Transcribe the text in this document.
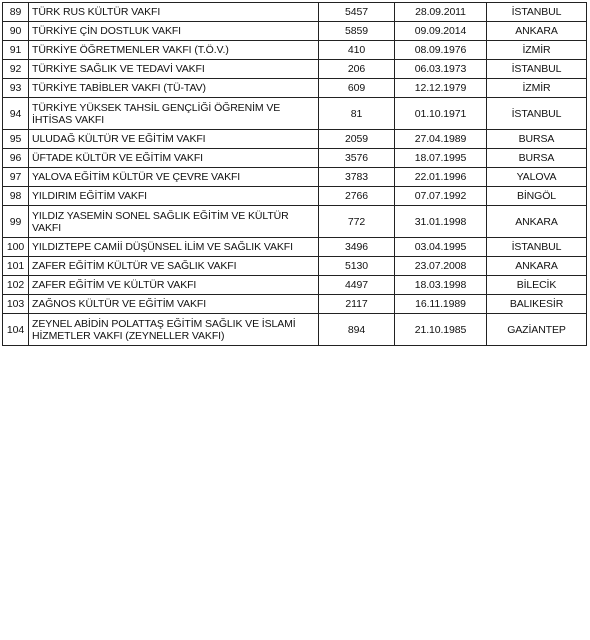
89	TÜRK RUS KÜLTÜR VAKFI	5457	28.09.2011	İSTANBUL
90	TÜRKİYE ÇİN DOSTLUK VAKFI	5859	09.09.2014	ANKARA
91	TÜRKİYE ÖĞRETMENLER VAKFI (T.Ö.V.)	410	08.09.1976	İZMİR
92	TÜRKİYE SAĞLIK VE TEDAVİ VAKFI	206	06.03.1973	İSTANBUL
93	TÜRKİYE TABİBLER VAKFI (TÜ-TAV)	609	12.12.1979	İZMİR
94	TÜRKİYE YÜKSEK TAHSİL GENÇLİĞİ ÖĞRENİM VE İHTİSAS VAKFI	81	01.10.1971	İSTANBUL
95	ULUDAĞ KÜLTÜR VE EĞİTİM VAKFI	2059	27.04.1989	BURSA
96	ÜFTADE KÜLTÜR VE EĞİTİM VAKFI	3576	18.07.1995	BURSA
97	YALOVA EĞİTİM KÜLTÜR VE ÇEVRE VAKFI	3783	22.01.1996	YALOVA
98	YILDIRIM EĞİTİM VAKFI	2766	07.07.1992	BİNGÖL
99	YILDIZ YASEMİN SONEL SAĞLIK EĞİTİM VE KÜLTÜR VAKFI	772	31.01.1998	ANKARA
100	YILDIZTEPE CAMİİ DÜŞÜNSEL İLİM VE SAĞLIK VAKFI	3496	03.04.1995	İSTANBUL
101	ZAFER EĞİTİM KÜLTÜR VE SAĞLIK VAKFI	5130	23.07.2008	ANKARA
102	ZAFER EĞİTİM VE KÜLTÜR VAKFI	4497	18.03.1998	BİLECİK
103	ZAĞNOS KÜLTÜR VE EĞİTİM VAKFI	2117	16.11.1989	BALIKESİR
104	ZEYNEL ABİDİN POLATTAŞ EĞİTİM SAĞLIK VE İSLAMİ HİZMETLER VAKFI (ZEYNELLER VAKFI)	894	21.10.1985	GAZİANTEP
